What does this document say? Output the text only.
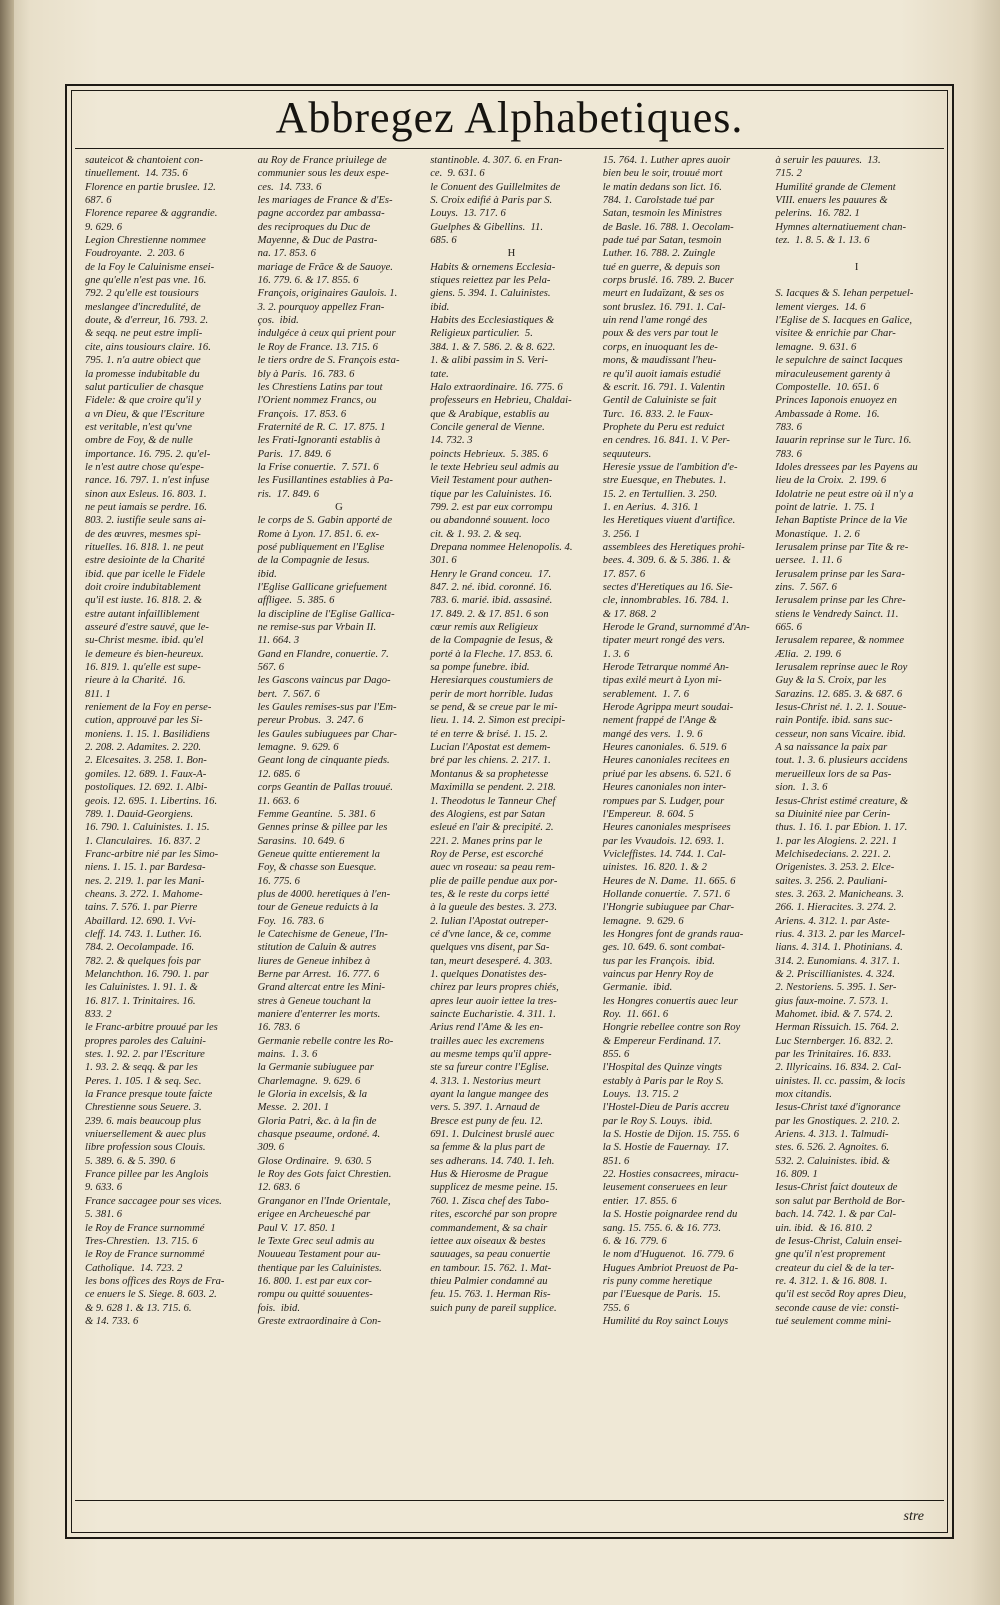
Abbregez Alphabetiques.
sauteicot & chantoient con-
tinuellement.  14. 735. 6
Florence en partie bruslee. 12.
687. 6
Florence reparee & aggrandie.
9. 629. 6
Legion Chrestienne nommee
Foudroyante.  2. 203. 6
de la Foy le Caluinisme ensei-
gne qu'elle n'est pas vne. 16.
792. 2 qu'elle est tousiours
meslangee d'incredulité, de
doute, & d'erreur, 16. 793. 2.
& seqq. ne peut estre impli-
cite, ains tousiours claire. 16.
795. 1. n'a autre obiect que
la promesse indubitable du
salut particulier de chasque
Fidele: & que croire qu'il y
a vn Dieu, & que l'Escriture
est veritable, n'est qu'vne
ombre de Foy, & de nulle
importance. 16. 795. 2. qu'el-
le n'est autre chose qu'espe-
rance. 16. 797. 1. n'est infuse
sinon aux Esleus. 16. 803. 1.
ne peut iamais se perdre. 16.
803. 2. iustifie seule sans ai-
de des œuvres, mesmes spi-
rituelles. 16. 818. 1. ne peut
estre desiointe de la Charité
ibid. que par icelle le Fidele
doit croire indubitablement
qu'il est iuste. 16. 818. 2. &
estre autant infailliblement
asseuré d'estre sauvé, que le-
su-Christ mesme. ibid. qu'el
le demeure és bien-heureux.
16. 819. 1. qu'elle est supe-
rieure à la Charité.  16.
811. 1
reniement de la Foy en perse-
cution, approuvé par les Si-
moniens. 1. 15. 1. Basilidiens
2. 208. 2. Adamites. 2. 220.
2. Elcesaites. 3. 258. 1. Bon-
gomiles. 12. 689. 1. Faux-A-
postoliques. 12. 692. 1. Albi-
geois. 12. 695. 1. Libertins. 16.
789. 1. Dauid-Georgiens.
16. 790. 1. Caluinistes. 1. 15.
1. Clanculaires.  16. 837. 2
Franc-arbitre nié par les Simo-
niens. 1. 15. 1. par Bardesa-
nes. 2. 219. 1. par les Mani-
cheans. 3. 272. 1. Mahome-
tains. 7. 576. 1. par Pierre
Abaillard. 12. 690. 1. Vvi-
cleff. 14. 743. 1. Luther. 16.
784. 2. Oecolampade. 16.
782. 2. & quelques fois par
Melanchthon. 16. 790. 1. par
les Caluinistes. 1. 91. 1. &
16. 817. 1. Trinitaires. 16.
833. 2
le Franc-arbitre prouué par les
propres paroles des Caluini-
stes. 1. 92. 2. par l'Escriture
1. 93. 2. & seqq. & par les
Peres. 1. 105. 1 & seq. Sec.
la France presque toute faicte
Chrestienne sous Seuere. 3.
239. 6. mais beaucoup plus
vniuersellement & auec plus
libre profession sous Clouis.
5. 389. 6. & 5. 390. 6
France pillee par les Anglois
9. 633. 6
France saccagee pour ses vices.
5. 381. 6
le Roy de France surnommé
Tres-Chrestien.  13. 715. 6
le Roy de France surnommé
Catholique.  14. 723. 2
les bons offices des Roys de Fra-
ce enuers le S. Siege. 8. 603. 2.
& 9. 628 1. & 13. 715. 6.
& 14. 733. 6
au Roy de France priuilege de
communier sous les deux espe-
ces.  14. 733. 6
les mariages de France & d'Es-
pagne accordez par ambassa-
des reciproques du Duc de
Mayenne, & Duc de Pastra-
na. 17. 853. 6
mariage de Frãce & de Sauoye.
16. 779. 6. & 17. 855. 6
François, originaires Gaulois. 1.
3. 2. pourquoy appellez Fran-
ços.  ibid.
indulgéce à ceux qui prient pour
le Roy de France. 13. 715. 6
le tiers ordre de S. François esta-
bly à Paris.  16. 783. 6
les Chrestiens Latins par tout
l'Orient nommez Francs, ou
François.  17. 853. 6
Fraternité de R. C.  17. 875. 1
les Frati-Ignoranti establis à
Paris.  17. 849. 6
la Frise conuertie.  7. 571. 6
les Fusillantines establies à Pa-
ris.  17. 849. 6
G
le corps de S. Gabin apporté de
Rome à Lyon. 17. 851. 6. ex-
posé publiquement en l'Eglise
de la Compagnie de Iesus.
ibid.
l'Eglise Gallicane griefuement
affligee.  5. 385. 6
la discipline de l'Eglise Gallica-
ne remise-sus par Vrbain II.
11. 664. 3
Gand en Flandre, conuertie. 7.
567. 6
les Gascons vaincus par Dago-
bert.  7. 567. 6
les Gaules remises-sus par l'Em-
pereur Probus.  3. 247. 6
les Gaules subiuguees par Char-
lemagne.  9. 629. 6
Geant long de cinquante pieds.
12. 685. 6
corps Geantin de Pallas trouué.
11. 663. 6
Femme Geantine.  5. 381. 6
Gennes prinse & pillee par les
Sarasins.  10. 649. 6
Geneue quitte entierement la
Foy, & chasse son Euesque.
16. 775. 6
plus de 4000. heretiques à l'en-
tour de Geneue reduicts à la
Foy.  16. 783. 6
le Catechisme de Geneue, l'In-
stitution de Caluin & autres
liures de Geneue inhibez à
Berne par Arrest.  16. 777. 6
Grand altercat entre les Mini-
stres à Geneue touchant la
maniere d'enterrer les morts.
16. 783. 6
Germanie rebelle contre les Ro-
mains.  1. 3. 6
la Germanie subiuguee par
Charlemagne.  9. 629. 6
le Gloria in excelsis, & la
Messe.  2. 201. 1
Gloria Patri, &c. à la fin de
chasque pseaume, ordoné. 4.
309. 6
Glose Ordinaire.  9. 630. 5
le Roy des Gots faict Chrestien.
12. 683. 6
Granganor en l'Inde Orientale,
erigee en Archeuesché par
Paul V.  17. 850. 1
le Texte Grec seul admis au
Nouueau Testament pour au-
thentique par les Caluinistes.
16. 800. 1. est par eux cor-
rompu ou quitté souuentes-
fois.  ibid.
Greste extraordinaire à Con-
stantinoble. 4. 307. 6. en Fran-
ce.  9. 631. 6
le Conuent des Guillelmites de
S. Croix edifié à Paris par S.
Louys.  13. 717. 6
Guelphes & Gibellins.  11.
685. 6
H
Habits & ornemens Ecclesia-
stiques reiettez par les Pela-
giens. 5. 394. 1. Caluinistes.
ibid.
Habits des Ecclesiastiques &
Religieux particulier.  5.
384. 1. & 7. 586. 2. & 8. 622.
1. & alibi passim in S. Veri-
tate.
Halo extraordinaire. 16. 775. 6
professeurs en Hebrieu, Chaldai-
que & Arabique, establis au
Concile general de Vienne.
14. 732. 3
poincts Hebrieux.  5. 385. 6
le texte Hebrieu seul admis au
Vieil Testament pour authen-
tique par les Caluinistes. 16.
799. 2. est par eux corrompu
ou abandonné souuent. loco
cit. & 1. 93. 2. & seq.
Drepana nommee Helenopolis. 4.
301. 6
Henry le Grand conceu.  17.
847. 2. né. ibid. coronné. 16.
783. 6. marié. ibid. assasiné.
17. 849. 2. & 17. 851. 6 son
cœur remis aux Religieux
de la Compagnie de Iesus, &
porté à la Fleche. 17. 853. 6.
sa pompe funebre. ibid.
Heresiarques coustumiers de
perir de mort horrible. Iudas
se pend, & se creue par le mi-
lieu. 1. 14. 2. Simon est precipi-
té en terre & brisé. 1. 15. 2.
Lucian l'Apostat est demem-
bré par les chiens. 2. 217. 1.
Montanus & sa prophetesse
Maximilla se pendent. 2. 218.
1. Theodotus le Tanneur Chef
des Alogiens, est par Satan
esleué en l'air & precipité. 2.
221. 2. Manes prins par le
Roy de Perse, est escorché
auec vn roseau: sa peau rem-
plie de paille pendue aux por-
tes, & le reste du corps ietté
à la gueule des bestes. 3. 273.
2. Iulian l'Apostat outreper-
cé d'vne lance, & ce, comme
quelques vns disent, par Sa-
tan, meurt desesperé. 4. 303.
1. quelques Donatistes des-
chirez par leurs propres chiés,
apres leur auoir iettee la tres-
saincte Eucharistie. 4. 311. 1.
Arius rend l'Ame & les en-
trailles auec les excremens
au mesme temps qu'il appre-
ste sa fureur contre l'Eglise.
4. 313. 1. Nestorius meurt
ayant la langue mangee des
vers. 5. 397. 1. Arnaud de
Bresce est puny de feu. 12.
691. 1. Dulcinest bruslé auec
sa femme & la plus part de
ses adherans. 14. 740. 1. Ieh.
Hus & Hierosme de Prague
supplicez de mesme peine. 15.
760. 1. Zisca chef des Tabo-
rites, escorché par son propre
commandement, & sa chair
iettee aux oiseaux & bestes
sauuages, sa peau conuertie
en tambour. 15. 762. 1. Mat-
thieu Palmier condamné au
feu. 15. 763. 1. Herman Ris-
suich puny de pareil supplice.
15. 764. 1. Luther apres auoir
bien beu le soir, trouué mort
le matin dedans son lict. 16.
784. 1. Carolstade tué par
Satan, tesmoin les Ministres
de Basle. 16. 788. 1. Oecolam-
pade tué par Satan, tesmoin
Luther. 16. 788. 2. Zuingle
tué en guerre, & depuis son
corps bruslé. 16. 789. 2. Bucer
meurt en Iudaïzant, & ses os
sont bruslez. 16. 791. 1. Cal-
uin rend l'ame rongé des
poux & des vers par tout le
corps, en inuoquant les de-
mons, & maudissant l'heu-
re qu'il auoit iamais estudié
& escrit. 16. 791. 1. Valentin
Gentil de Caluiniste se fait
Turc.  16. 833. 2. le Faux-
Prophete du Peru est reduict
en cendres. 16. 841. 1. V. Per-
sequuteurs.
Heresie yssue de l'ambition d'e-
stre Euesque, en Thebutes. 1.
15. 2. en Tertullien. 3. 250.
1. en Aerius.  4. 316. 1
les Heretiques viuent d'artifice.
3. 256. 1
assemblees des Heretiques prohi-
bees. 4. 309. 6. & 5. 386. 1. &
17. 857. 6
sectes d'Heretiques au 16. Sie-
cle, innombrables. 16. 784. 1.
& 17. 868. 2
Herode le Grand, surnommé d'An-
tipater meurt rongé des vers.
1. 3. 6
Herode Tetrarque nommé An-
tipas exilé meurt à Lyon mi-
serablement.  1. 7. 6
Herode Agrippa meurt soudai-
nement frappé de l'Ange &
mangé des vers.  1. 9. 6
Heures canoniales.  6. 519. 6
Heures canoniales recitees en
priué par les absens. 6. 521. 6
Heures canoniales non inter-
rompues par S. Ludger, pour
l'Empereur.  8. 604. 5
Heures canoniales mesprisees
par les Vvaudois. 12. 693. 1.
Vvicleffistes. 14. 744. 1. Cal-
uinistes.  16. 820. 1. & 2
Heures de N. Dame.  11. 665. 6
Hollande conuertie.  7. 571. 6
l'Hongrie subiuguee par Char-
lemagne.  9. 629. 6
les Hongres font de grands raua-
ges. 10. 649. 6. sont combat-
tus par les François.  ibid.
vaincus par Henry Roy de
Germanie.  ibid.
les Hongres conuertis auec leur
Roy.  11. 661. 6
Hongrie rebellee contre son Roy
& Empereur Ferdinand. 17.
855. 6
l'Hospital des Quinze vingts
estably à Paris par le Roy S.
Louys.  13. 715. 2
l'Hostel-Dieu de Paris accreu
par le Roy S. Louys.  ibid.
la S. Hostie de Dijon. 15. 755. 6
la S. Hostie de Fauernay.  17.
851. 6
22. Hosties consacrees, miracu-
leusement conseruees en leur
entier.  17. 855. 6
la S. Hostie poignardee rend du
sang. 15. 755. 6. & 16. 773.
6. & 16. 779. 6
le nom d'Huguenot.  16. 779. 6
Hugues Ambriot Preuost de Pa-
ris puny comme heretique
par l'Euesque de Paris.  15.
755. 6
Humilité du Roy sainct Louys
à seruir les pauures.  13.
715. 2
Humilité grande de Clement
VIII. enuers les pauures &
pelerins.  16. 782. 1
Hymnes alternatiuement chan-
tez.  1. 8. 5. & 1. 13. 6

I

S. Iacques & S. Iehan perpetuel-
lement vierges.  14. 6
l'Eglise de S. Iacques en Galice,
visitee & enrichie par Char-
lemagne.  9. 631. 6
le sepulchre de sainct Iacques
miraculeusement garenty à
Compostelle.  10. 651. 6
Princes Iaponois enuoyez en
Ambassade à Rome.  16.
783. 6
Iauarin reprinse sur le Turc. 16.
783. 6
Idoles dressees par les Payens au
lieu de la Croix.  2. 199. 6
Idolatrie ne peut estre où il n'y a
point de latrie.  1. 75. 1
Iehan Baptiste Prince de la Vie
Monastique.  1. 2. 6
Ierusalem prinse par Tite & re-
uersee.  1. 11. 6
Ierusalem prinse par les Sara-
zins.  7. 567. 6
Ierusalem prinse par les Chre-
stiens le Vendredy Sainct. 11.
665. 6
Ierusalem reparee, & nommee
Ælia.  2. 199. 6
Ierusalem reprinse auec le Roy
Guy & la S. Croix, par les
Sarazins. 12. 685. 3. & 687. 6
Iesus-Christ né. 1. 2. 1. Souue-
rain Pontife. ibid. sans suc-
cesseur, non sans Vicaire. ibid.
A sa naissance la paix par
tout. 1. 3. 6. plusieurs accidens
merueilleux lors de sa Pas-
sion.  1. 3. 6
Iesus-Christ estimé creature, &
sa Diuinité niee par Cerin-
thus. 1. 16. 1. par Ebion. 1. 17.
1. par les Alogiens. 2. 221. 1
Melchisedecians. 2. 221. 2.
Origenistes. 3. 253. 2. Elce-
saites. 3. 256. 2. Pauliani-
stes. 3. 263. 2. Manicheans. 3.
266. 1. Hieracites. 3. 274. 2.
Ariens. 4. 312. 1. par Aste-
rius. 4. 313. 2. par les Marcel-
lians. 4. 314. 1. Photinians. 4.
314. 2. Eunomians. 4. 317. 1.
& 2. Priscillianistes. 4. 324.
2. Nestoriens. 5. 395. 1. Ser-
gius faux-moine. 7. 573. 1.
Mahomet. ibid. & 7. 574. 2.
Herman Rissuich. 15. 764. 2.
Luc Sternberger. 16. 832. 2.
par les Trinitaires. 16. 833.
2. Illyricains. 16. 834. 2. Cal-
uinistes. Il. cc. passim, & locis
mox citandis.
Iesus-Christ taxé d'ignorance
par les Gnostiques. 2. 210. 2.
Ariens. 4. 313. 1. Talmudi-
stes. 6. 526. 2. Agnoites. 6.
532. 2. Caluinistes. ibid. &
16. 809. 1
Iesus-Christ faict douteux de
son salut par Berthold de Bor-
bach. 14. 742. 1. & par Cal-
uin. ibid.  & 16. 810. 2
de Iesus-Christ, Caluin ensei-
gne qu'il n'est proprement
createur du ciel & de la ter-
re. 4. 312. 1. & 16. 808. 1.
qu'il est secõd Roy apres Dieu,
seconde cause de vie: consti-
tué seulement comme mini-
stre
